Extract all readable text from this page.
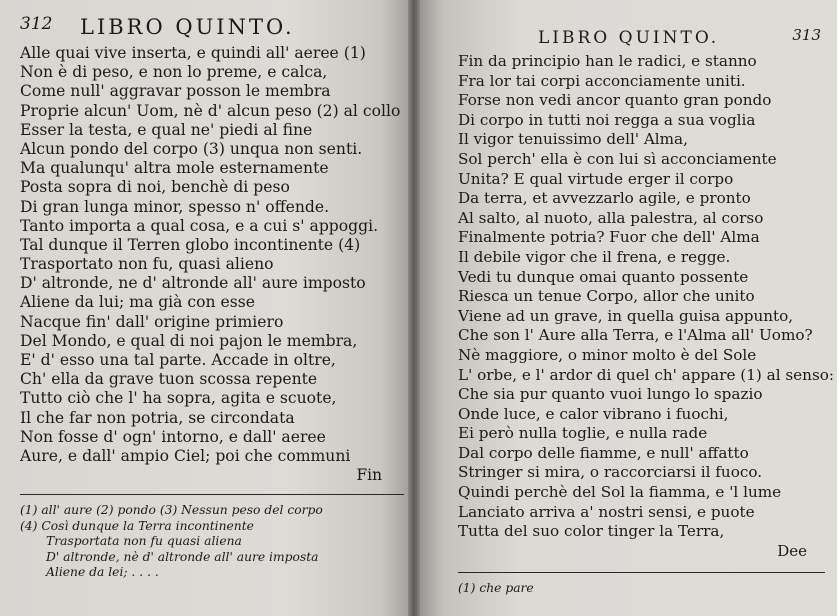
312 LIBRO QUINTO.
Alle quai vive inserta, e quindi all' aeree (1)
Non è di peso, e non lo preme, e calca,
Come null' aggravar posson le membra
Proprie alcun' Uom, nè d' alcun peso (2) al collo
Esser la testa, e qual ne' piedi al fine
Alcun pondo del corpo (3) unqua non senti.
Ma qualunqu' altra mole esternamente
Posta sopra di noi, benchè di peso
Di gran lunga minor, spesso n' offende.
Tanto importa a qual cosa, e a cui s' appoggi.
Tal dunque il Terren globo incontinente (4)
Trasportato non fu, quasi alieno
D' altronde, ne d' altronde all' aure imposto
Aliene da lui; ma già con esse
Nacque fin' dall' origine primiero
Del Mondo, e qual di noi pajon le membra,
E' d' esso una tal parte. Accade in oltre,
Ch' ella da grave tuon scossa repente
Tutto ciò che l' ha sopra, agita e scuote,
Il che far non potria, se circondata
Non fosse d' ogn' intorno, e dall' aeree
Aure, e dall' ampio Ciel; poi che communi
Fin
(1) all' aure (2) pondo (3) Nessun peso del corpo
(4) Così dunque la Terra incontinente
Trasportata non fu quasi aliena
D' altronde, nè d' altronde all' aure imposta
Aliene da lei; . . . .
LIBRO QUINTO.	313
Fin da principio han le radici, e stanno
Fra lor tai corpi acconciamente uniti.
Forse non vedi ancor quanto gran pondo
Di corpo in tutti noi regga a sua voglia
Il vigor tenuissimo dell' Alma,
Sol perch' ella è con lui sì acconciamente
Unita? E qual virtude erger il corpo
Da terra, et avvezzarlo agile, e pronto
Al salto, al nuoto, alla palestra, al corso
Finalmente potria? Fuor che dell' Alma
Il debile vigor che il frena, e regge.
Vedi tu dunque omai quanto possente
Riesca un tenue Corpo, allor che unito
Viene ad un grave, in quella guisa appunto,
Che son l' Aure alla Terra, e l'Alma all' Uomo?
Nè maggiore, o minor molto è del Sole
L' orbe, e l' ardor di quel ch' appare (1) al senso:
Che sia pur quanto vuoi lungo lo spazio
Onde luce, e calor vibrano i fuochi,
Ei però nulla toglie, e nulla rade
Dal corpo delle fiamme, e null' affatto
Stringer si mira, o raccorciarsi il fuoco.
Quindi perchè del Sol la fiamma, e 'l lume
Lanciato arriva a' nostri sensi, e puote
Tutta del suo color tinger la Terra,
Dee
(1) che pare
